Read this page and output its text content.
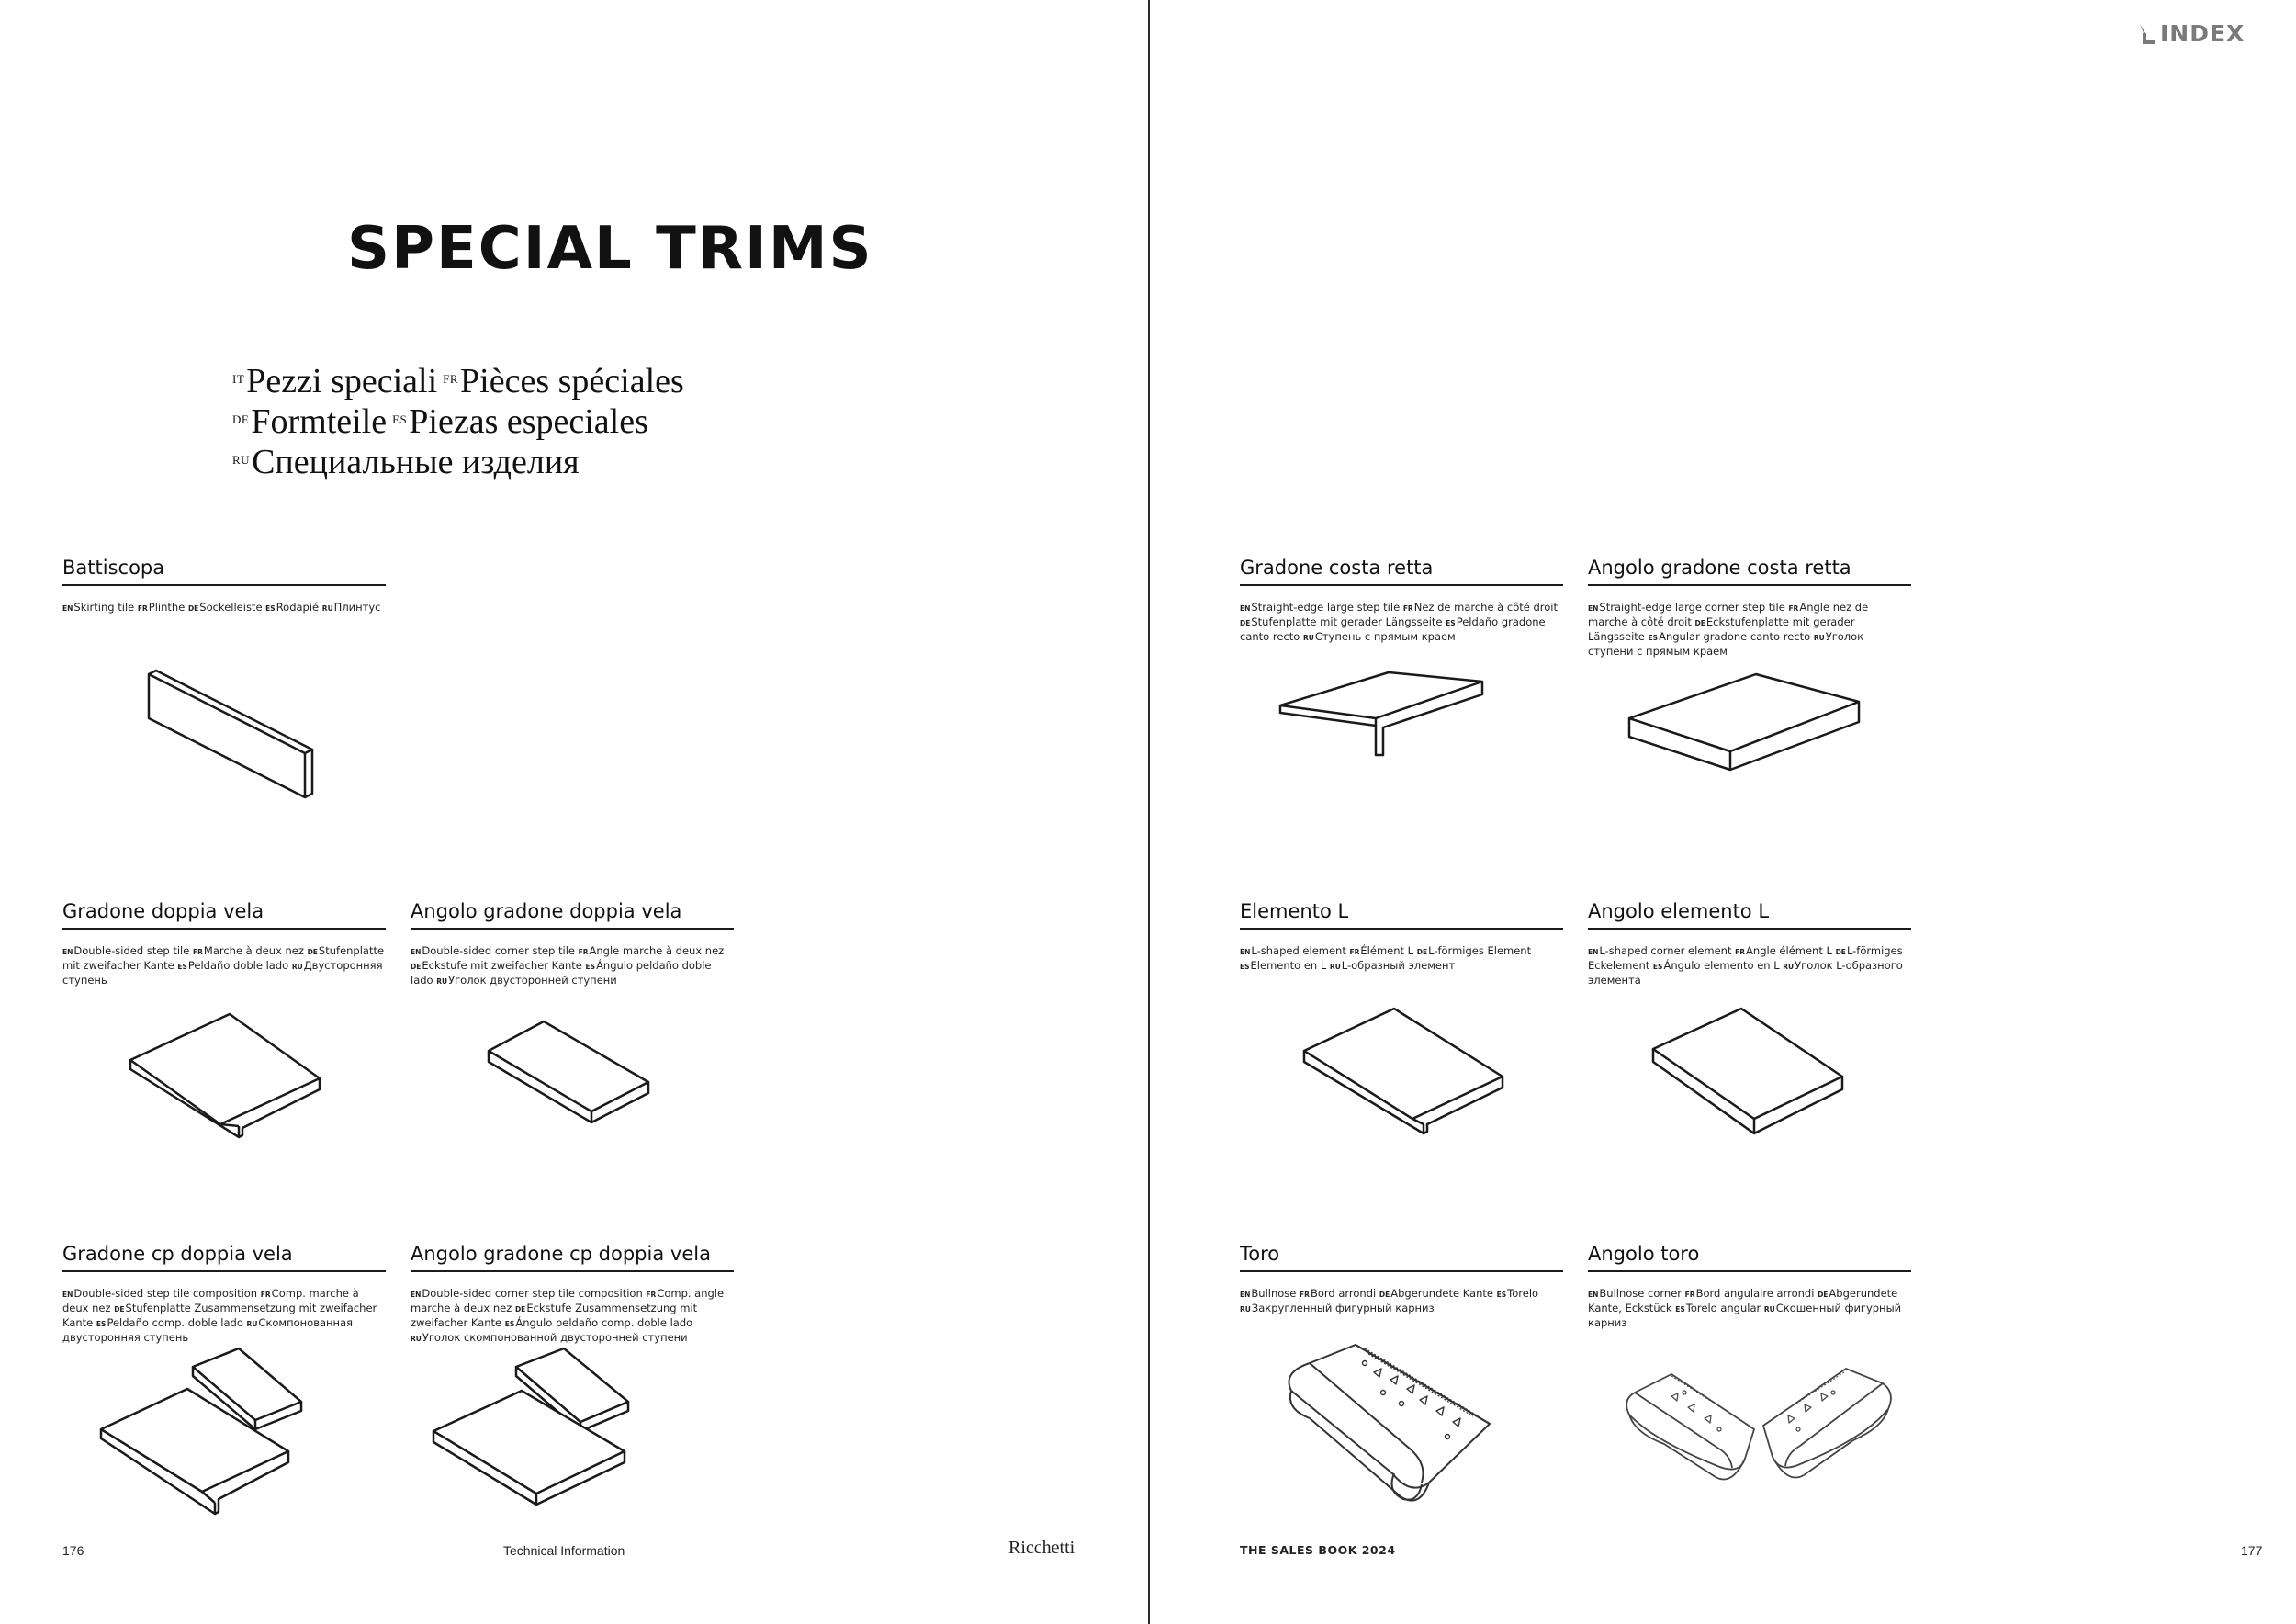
INDEX
SPECIAL TRIMS
$^{IT}$Pezzi speciali $^{FR}$Pièces spéciales
$^{DE}$Formteile $^{ES}$Piezas especiales
$^{RU}$Специальные изделия
Battiscopa
ENSkirting tile FRPlinthe DESockelleiste ESRodapié RUПлинтус
Gradone doppia vela
ENDouble-sided step tile FRMarche à deux nez DEStufenplatte mit zweifacher Kante ESPeldaño doble lado RUДвусторонняя ступень
Angolo gradone doppia vela
ENDouble-sided corner step tile FRAngle marche à deux nez DEEckstufe mit zweifacher Kante ESÁngulo peldaño doble lado RUУголок двусторонней ступени
Gradone cp doppia vela
ENDouble-sided step tile composition FRComp. marche à deux nez DEStufenplatte Zusammensetzung mit zweifacher Kante ESPeldaño comp. doble lado RUСкомпонованная двусторонняя ступень
Angolo gradone cp doppia vela
ENDouble-sided corner step tile composition FRComp. angle marche à deux nez DEEckstufe Zusammensetzung mit zweifacher Kante ESÁngulo peldaño comp. doble lado RUУголок скомпонованной двусторонней ступени
Gradone costa retta
ENStraight-edge large step tile FRNez de marche à côté droit DEStufenplatte mit gerader Längsseite ESPeldaño gradone canto recto RUСтупень с прямым краем
Angolo gradone costa retta
ENStraight-edge large corner step tile FRAngle nez de marche à côté droit DEEckstufenplatte mit gerader Längsseite ESAngular gradone canto recto RUУголок ступени с прямым краем
Elemento L
ENL-shaped element FRÉlément L DEL-förmiges Element ESElemento en L RUL-образный элемент
Angolo elemento L
ENL-shaped corner element FRAngle élément L DEL-förmiges Eckelement ESÁngulo elemento en L RUУголок L-образного элемента
Toro
ENBullnose FRBord arrondi DEAbgerundete Kante ESTorelo RUЗакругленный фигурный карниз
Angolo toro
ENBullnose corner FRBord angulaire arrondi DEAbgerundete Kante, Eckstück ESTorelo angular RUСкошенный фигурный карниз
176	Technical Information	Ricchetti	THE SALES BOOK 2024	177
